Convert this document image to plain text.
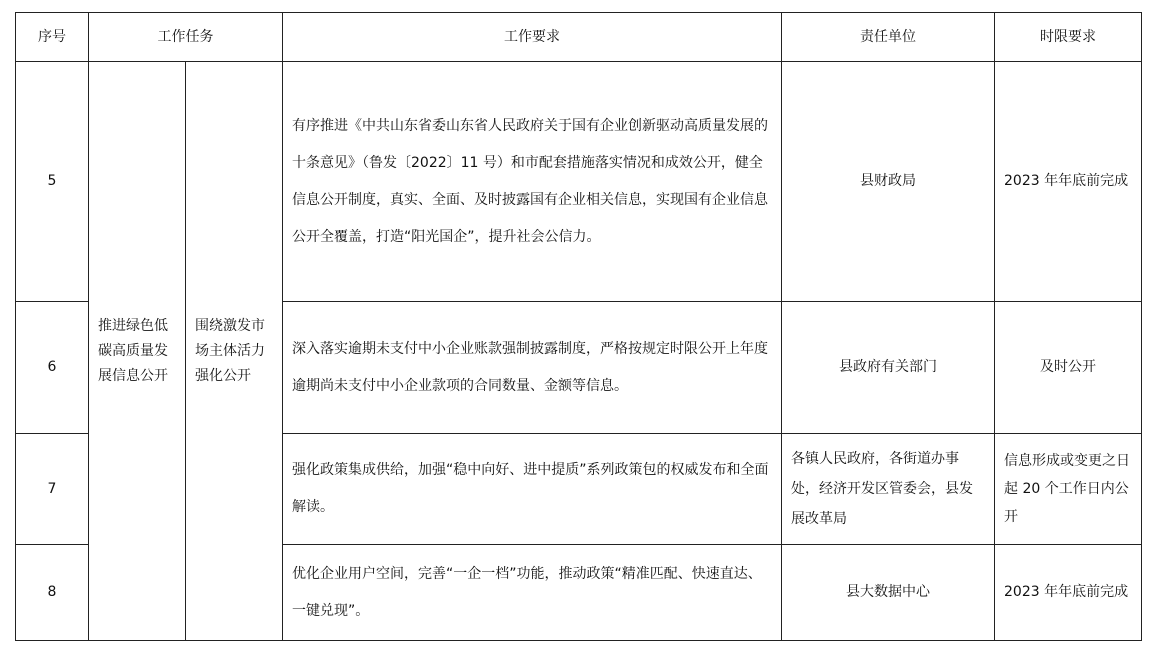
序号	工作任务		工作要求	责任单位	时限要求
5	推进绿色低碳高质量发展信息公开	围绕激发市场主体活力强化公开	有序推进《中共山东省委山东省人民政府关于国有企业创新驱动高质量发展的十条意见》（鲁发〔2022〕11 号）和市配套措施落实情况和成效公开，健全信息公开制度，真实、全面、及时披露国有企业相关信息，实现国有企业信息公开全覆盖，打造“阳光国企”，提升社会公信力。	县财政局	2023 年年底前完成
6			深入落实逾期未支付中小企业账款强制披露制度，严格按规定时限公开上年度逾期尚未支付中小企业款项的合同数量、金额等信息。	县政府有关部门	及时公开
7			强化政策集成供给，加强“稳中向好、进中提质”系列政策包的权威发布和全面解读。	各镇人民政府，各街道办事处，经济开发区管委会，县发展改革局	信息形成或变更之日起 20 个工作日内公开
8			优化企业用户空间，完善“一企一档”功能，推动政策“精准匹配、快速直达、一键兑现”。	县大数据中心	2023 年年底前完成
